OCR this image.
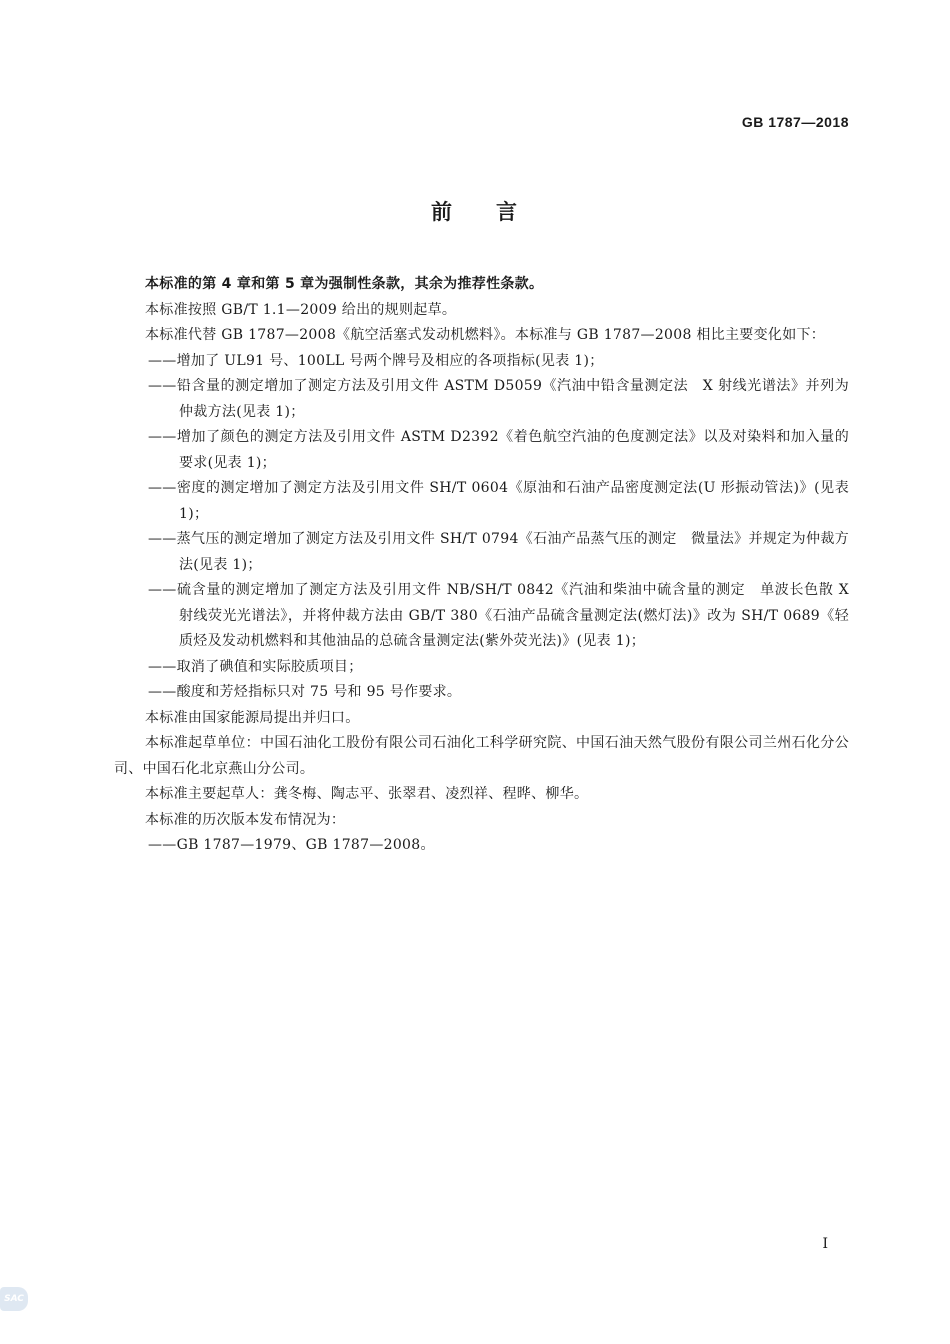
GB 1787—2018
前 言

本标准的第 4 章和第 5 章为强制性条款，其余为推荐性条款。

本标准按照 GB/T 1.1—2009 给出的规则起草。

本标准代替 GB 1787—2008《航空活塞式发动机燃料》。本标准与 GB 1787—2008 相比主要变化如下：

——增加了 UL91 号、100LL 号两个牌号及相应的各项指标(见表 1)；

——铅含量的测定增加了测定方法及引用文件 ASTM D5059《汽油中铅含量测定法　X 射线光谱法》并列为仲裁方法(见表 1)；

——增加了颜色的测定方法及引用文件 ASTM D2392《着色航空汽油的色度测定法》以及对染料和加入量的要求(见表 1)；

——密度的测定增加了测定方法及引用文件 SH/T 0604《原油和石油产品密度测定法(U 形振动管法)》(见表 1)；

——蒸气压的测定增加了测定方法及引用文件 SH/T 0794《石油产品蒸气压的测定　微量法》并规定为仲裁方法(见表 1)；

——硫含量的测定增加了测定方法及引用文件 NB/SH/T 0842《汽油和柴油中硫含量的测定　单波长色散 X 射线荧光光谱法》，并将仲裁方法由 GB/T 380《石油产品硫含量测定法(燃灯法)》改为 SH/T 0689《轻质烃及发动机燃料和其他油品的总硫含量测定法(紫外荧光法)》(见表 1)；

——取消了碘值和实际胶质项目；

——酸度和芳烃指标只对 75 号和 95 号作要求。

本标准由国家能源局提出并归口。

本标准起草单位：中国石油化工股份有限公司石油化工科学研究院、中国石油天然气股份有限公司兰州石化分公司、中国石化北京燕山分公司。

本标准主要起草人：龚冬梅、陶志平、张翠君、凌烈祥、程晔、柳华。

本标准的历次版本发布情况为：

——GB 1787—1979、GB 1787—2008。

I
SAC
